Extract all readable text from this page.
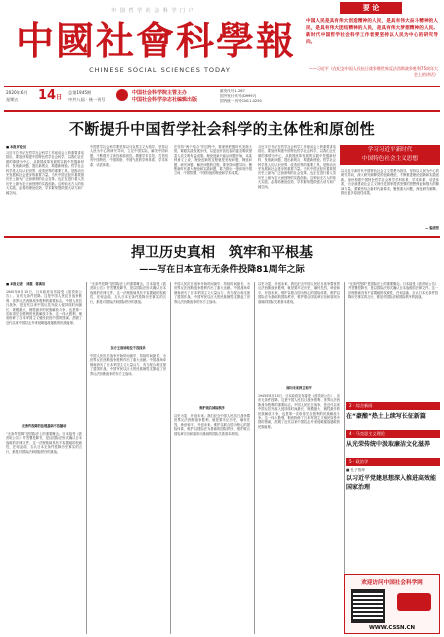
中 国 哲 学 社 会 科 学 门 户
中國社會科學報
CHINESE SOCIAL SCIENCES TODAY
要 论
中国人民是具有伟大创造精神的人民，是具有伟大奋斗精神的人民，是具有伟大团结精神的人民，是具有伟大梦想精神的人民。新时代中国哲学社会科学工作者要坚持以人民为中心的研究导向。
——习近平《在纪念中国人民抗日战争暨世界反法西斯战争胜利75周年大会上的讲话》
2020年6月
星期五 14日
总第1945期
中共八届 · 统一刊号
中国社会科学院主管主办
中国社会科学杂志社编辑出版
邮发代号1-287
国外发行代号(D9997)
国内统一刊号CN11-0250
不断提升中国哲学社会科学的主体性和原创性
■ 本报评论员
习近平总书记在哲学社会科学工作座谈会上的重要讲话指出，要加快构建中国特色哲学社会科学，以我们正在做的事情为中心，从我国改革发展的实践中挖掘新材料、发现新问题、提出新观点、构建新理论。哲学社会科学是人们认识世界、改造世界的重要工具，是推动历史发展和社会进步的重要力量。当代中国正经历着我国历史上最为广泛而深刻的社会变革，也正在进行着人类历史上最为宏大而独特的实践创新。这种前无古人的伟大实践，必将给理论创造、学术繁荣提供强大动力和广阔空间。
中国哲学社会科学要坚持以马克思主义为指导，坚持以人民为中心的研究导向，立足中国实际，解决中国问题，不断提升主体性和原创性。增强学术自信，打造具有中国特色、中国风格、中国气派的学科体系、学术体系、话语体系。
在坚持“两个结合”的过程中，要深刻把握时代发展大势，紧跟实践发展步伐，以更加开放包容的姿态吸收借鉴人类文明有益成果。理论创新只能从问题开始，从某种意义上说，理论创新的过程就是发现问题、筛选问题、研究问题、解决问题的过程。要坚持问题导向，聚焦新时代重大理论和实践问题，着力推出一批体现中国立场、中国智慧、中国价值的理论和学术成果。
习近平总书记在哲学社会科学工作座谈会上的重要讲话指出，要加快构建中国特色哲学社会科学，以我们正在做的事情为中心，从我国改革发展的实践中挖掘新材料、发现新问题、提出新观点、构建新理论。哲学社会科学是人们认识世界、改造世界的重要工具，是推动历史发展和社会进步的重要力量。当代中国正经历着我国历史上最为广泛而深刻的社会变革，也正在进行着人类历史上最为宏大而独特的实践创新。这种前无古人的伟大实践，必将给理论创造、学术繁荣提供强大动力和广阔空间。
学习习近平新时代
中国特色社会主义思想
以习近平新时代中国特色社会主义思想为指导，坚持以人民为中心的研究导向，深入研究阐释党的创新理论，不断推进理论创新和实践创新。加快构建中国特色哲学社会科学学科体系、学术体系、话语体系，为全面建设社会主义现代化国家提供坚强的思想保证和强大的精神力量。要紧密结合新时代新要求，聚焦重大问题，深化研究阐释，推出更多原创性成果。
— 编者按
捍卫历史真相　筑牢和平根基
——写在日本宣布无条件投降81周年之际
■ 本报记者　刘越　陈禹洁
1945年8月15日，日本政府宣布接受《波茨坦公告》，宣布无条件投降。这是中国人民抗日战争胜利、世界反法西斯战争胜利的重要标志。中国人民抗日战争，是近代以来中国反抗外敌入侵持续时间最长、规模最大、牺牲最多的民族解放斗争，也是第一次取得完全胜利的民族解放斗争。这一伟大胜利，彻底粉碎了日本军国主义殖民奴役中国的图谋，洗刷了近代以来中国抗击外来侵略屡战屡败的民族耻辱。
无条件投降的法理基础不容撼动
“无条件投降”是国际法上的重要概念。日本接受《波茨坦公告》并签署投降书，是以国际法形式确认日本战败的法律文件。这一法理基础具有不容置疑的权威性，任何歪曲、否认日本无条件投降历史事实的言行，都是对国际法和国际秩序的挑战。
“无条件投降”是国际法上的重要概念。日本接受《波茨坦公告》并签署投降书，是以国际法形式确认日本战败的法律文件。这一法理基础具有不容置疑的权威性，任何歪曲、否认日本无条件投降历史事实的言行，都是对国际法和国际秩序的挑战。
东方主战场地位不容抹杀
中国人民抗日战争开始时间最早、持续时间最长，为世界反法西斯战争胜利作出了重大贡献。中国战场牵制和消灭了日本军国主义大量兵力，有力配合和支援了盟国作战。中国军民以巨大的民族牺牲支撑起了世界反法西斯战争的东方主战场。
中国人民抗日战争开始时间最早、持续时间最长，为世界反法西斯战争胜利作出了重大贡献。中国战场牵制和消灭了日本军国主义大量兵力，有力配合和支援了盟国作战。中国军民以巨大的民族牺牲支撑起了世界反法西斯战争的东方主战场。
维护战后国际秩序
以史为鉴、开创未来。我们纪念中国人民抗日战争暨世界反法西斯战争胜利，就是要牢记历史，缅怀先烈，珍爱和平，开创未来。维护以联合国为核心的国际体系，维护以国际法为基础的国际秩序，维护联合国宪章宗旨和原则为基础的国际关系基本准则。
以史为鉴、开创未来。我们纪念中国人民抗日战争暨世界反法西斯战争胜利，就是要牢记历史，缅怀先烈，珍爱和平，开创未来。维护以联合国为核心的国际体系，维护以国际法为基础的国际秩序，维护联合国宪章宗旨和原则为基础的国际关系基本准则。
面向未来捍卫和平
1945年8月15日，日本政府宣布接受《波茨坦公告》，宣布无条件投降。这是中国人民抗日战争胜利、世界反法西斯战争胜利的重要标志。中国人民抗日战争，是近代以来中国反抗外敌入侵持续时间最长、规模最大、牺牲最多的民族解放斗争，也是第一次取得完全胜利的民族解放斗争。这一伟大胜利，彻底粉碎了日本军国主义殖民奴役中国的图谋，洗刷了近代以来中国抗击外来侵略屡战屡败的民族耻辱。
“无条件投降”是国际法上的重要概念。日本接受《波茨坦公告》并签署投降书，是以国际法形式确认日本战败的法律文件。这一法理基础具有不容置疑的权威性，任何歪曲、否认日本无条件投降历史事实的言行，都是对国际法和国际秩序的挑战。
2 · 综合新闻
在“豪酿”热土上续写长征新篇
4 · 马克思主义理论
从光荣传统中汲取廉洁文化滋养
5 · 政治学
■ 孔子智库
以习近平党建思想深入推进高效能国家治理
欢迎访问中国社会科学网
WWW.CSSN.CN
